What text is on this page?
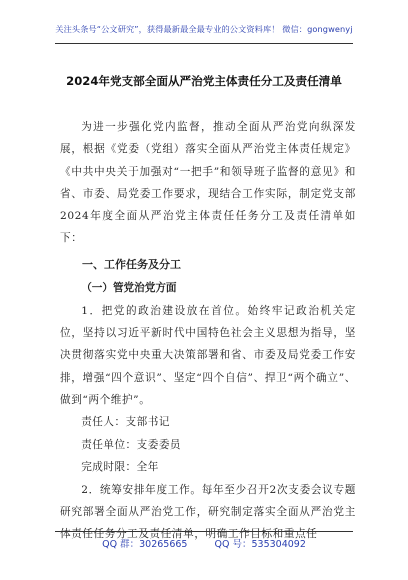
关注头条号“公文研究”，获得最新最全最专业的公文资料库！ 微信：gongwenyj
2024年党支部全面从严治党主体责任分工及责任清单

为进一步强化党内监督，推动全面从严治党向纵深发展，根据《党委（党组）落实全面从严治党主体责任规定》《中共中央关于加强对“一把手”和领导班子监督的意见》和省、市委、局党委工作要求，现结合工作实际，制定党支部2024年度全面从严治党主体责任任务分工及责任清单如下：

一、工作任务及分工
（一）管党治党方面

1．把党的政治建设放在首位。始终牢记政治机关定位，坚持以习近平新时代中国特色社会主义思想为指导，坚决贯彻落实党中央重大决策部署和省、市委及局党委工作安排，增强“四个意识”、坚定“四个自信”、捍卫“两个确立”、做到“两个维护”。

责任人：支部书记
责任单位：支委委员
完成时限：全年

2．统筹安排年度工作。每年至少召开2次支委会议专题研究部署全面从严治党工作，研究制定落实全面从严治党主体责任任务分工及责任清单，明确工作目标和重点任

QQ 群：30265665	QQ 号：535304092
